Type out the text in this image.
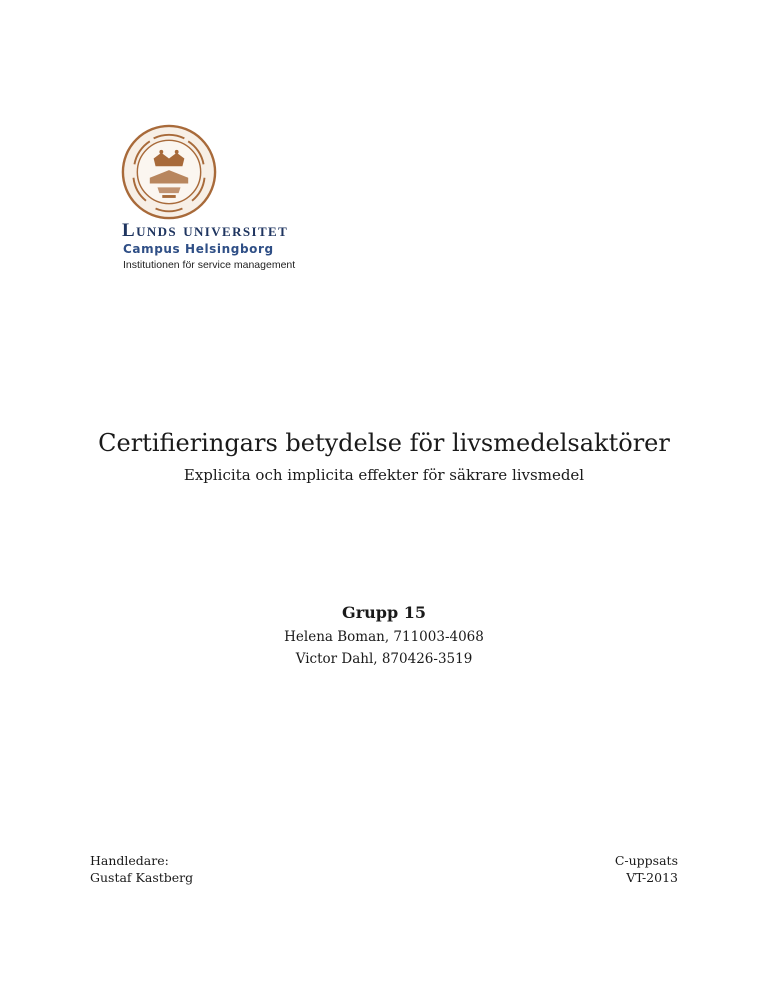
Lunds universitet
Campus Helsingborg
Institutionen för service management
Certifieringars betydelse för livsmedelsaktörer
Explicita och implicita effekter för säkrare livsmedel
Grupp 15
Helena Boman, 711003-4068
Victor Dahl, 870426-3519
Handledare:
Gustaf Kastberg
C-uppsats
VT-2013
